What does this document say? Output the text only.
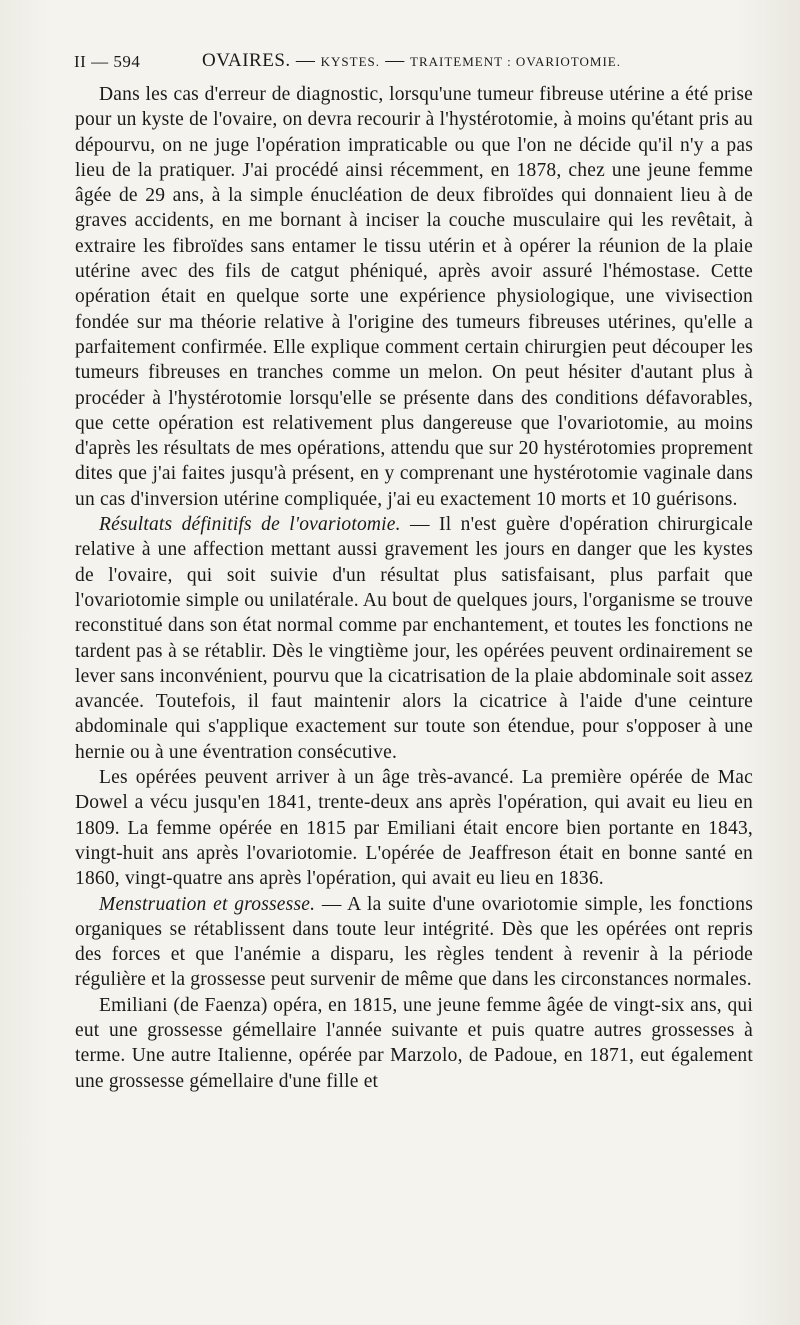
II — 594	OVAIRES. — KYSTES. — TRAITEMENT : OVARIOTOMIE.

Dans les cas d'erreur de diagnostic, lorsqu'une tumeur fibreuse utérine a été prise pour un kyste de l'ovaire, on devra recourir à l'hystérotomie, à moins qu'étant pris au dépourvu, on ne juge l'opération impraticable ou que l'on ne décide qu'il n'y a pas lieu de la pratiquer. J'ai procédé ainsi récemment, en 1878, chez une jeune femme âgée de 29 ans, à la simple énucléation de deux fibroïdes qui donnaient lieu à de graves accidents, en me bornant à inciser la couche musculaire qui les revêtait, à extraire les fibroïdes sans entamer le tissu utérin et à opérer la réunion de la plaie utérine avec des fils de catgut phéniqué, après avoir assuré l'hémostase. Cette opération était en quelque sorte une expérience physiologique, une vivisection fondée sur ma théorie relative à l'origine des tumeurs fibreuses utérines, qu'elle a parfaitement confirmée. Elle explique comment certain chirurgien peut découper les tumeurs fibreuses en tranches comme un melon. On peut hésiter d'autant plus à procéder à l'hystérotomie lorsqu'elle se présente dans des conditions défavorables, que cette opération est relativement plus dangereuse que l'ovariotomie, au moins d'après les résultats de mes opérations, attendu que sur 20 hystérotomies proprement dites que j'ai faites jusqu'à présent, en y comprenant une hystérotomie vaginale dans un cas d'inversion utérine compliquée, j'ai eu exactement 10 morts et 10 guérisons.

Résultats définitifs de l'ovariotomie. — Il n'est guère d'opération chirurgicale relative à une affection mettant aussi gravement les jours en danger que les kystes de l'ovaire, qui soit suivie d'un résultat plus satisfaisant, plus parfait que l'ovariotomie simple ou unilatérale. Au bout de quelques jours, l'organisme se trouve reconstitué dans son état normal comme par enchantement, et toutes les fonctions ne tardent pas à se rétablir. Dès le vingtième jour, les opérées peuvent ordinairement se lever sans inconvénient, pourvu que la cicatrisation de la plaie abdominale soit assez avancée. Toutefois, il faut maintenir alors la cicatrice à l'aide d'une ceinture abdominale qui s'applique exactement sur toute son étendue, pour s'opposer à une hernie ou à une éventration consécutive.

Les opérées peuvent arriver à un âge très-avancé. La première opérée de Mac Dowel a vécu jusqu'en 1841, trente-deux ans après l'opération, qui avait eu lieu en 1809. La femme opérée en 1815 par Emiliani était encore bien portante en 1843, vingt-huit ans après l'ovariotomie. L'opérée de Jeaffreson était en bonne santé en 1860, vingt-quatre ans après l'opération, qui avait eu lieu en 1836.

Menstruation et grossesse. — A la suite d'une ovariotomie simple, les fonctions organiques se rétablissent dans toute leur intégrité. Dès que les opérées ont repris des forces et que l'anémie a disparu, les règles tendent à revenir à la période régulière et la grossesse peut survenir de même que dans les circonstances normales.

Emiliani (de Faenza) opéra, en 1815, une jeune femme âgée de vingt-six ans, qui eut une grossesse gémellaire l'année suivante et puis quatre autres grossesses à terme. Une autre Italienne, opérée par Marzolo, de Padoue, en 1871, eut également une grossesse gémellaire d'une fille et
